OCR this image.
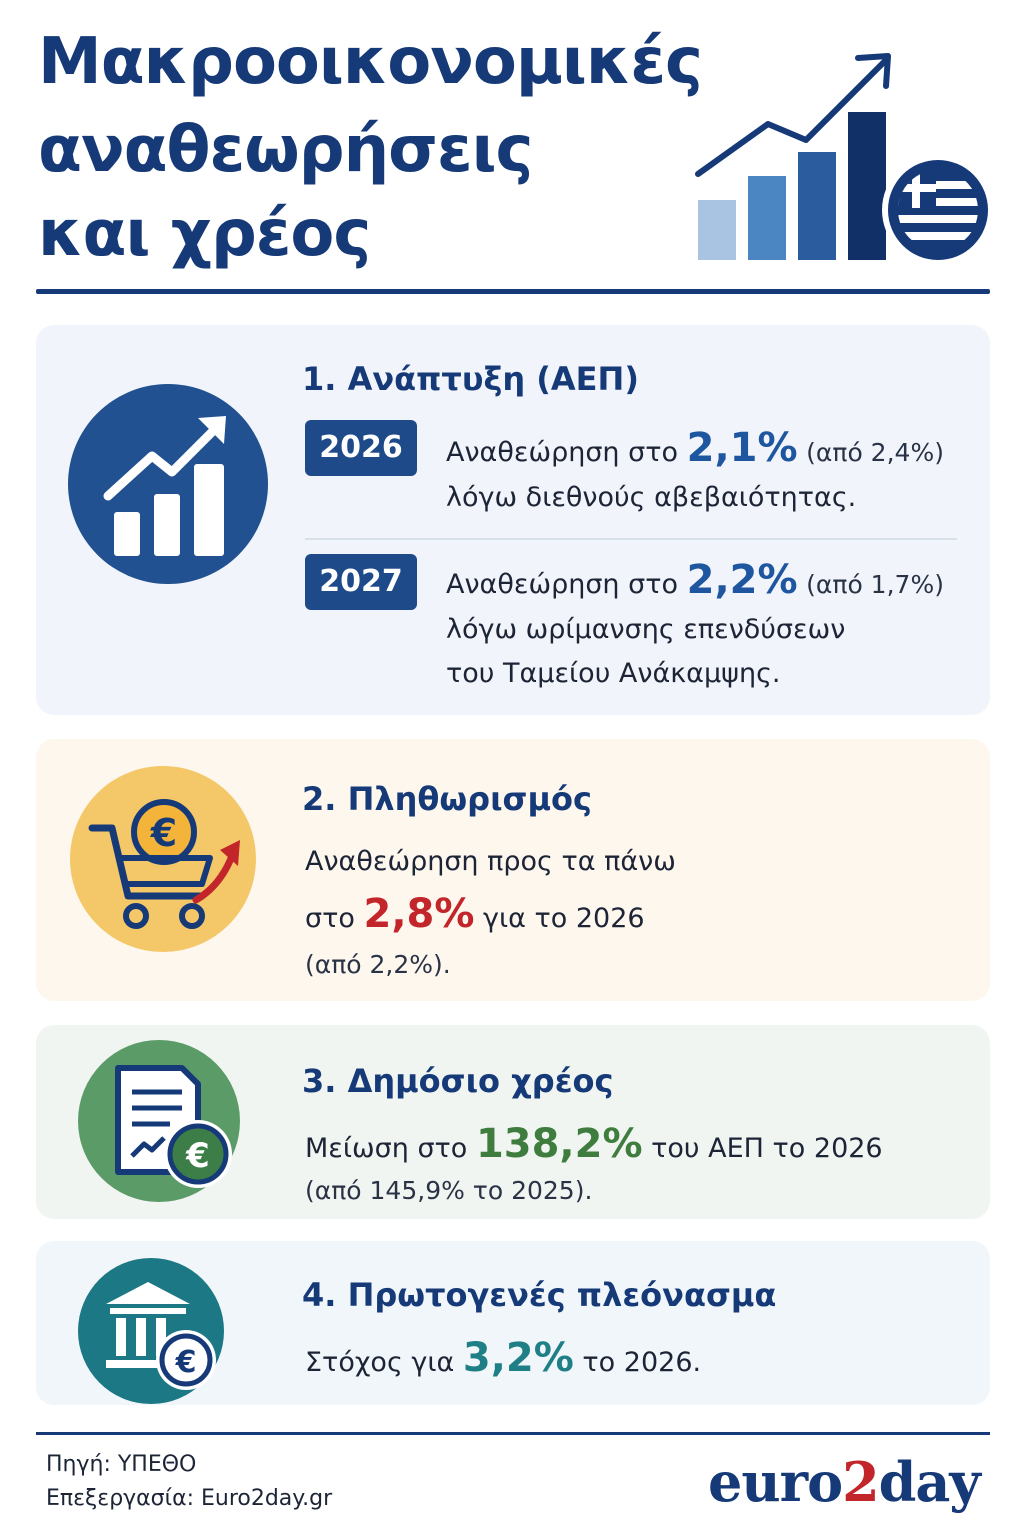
Μακροοικονομικές
αναθεωρήσεις
και χρέος
1. Ανάπτυξη (ΑΕΠ)
2026	Αναθεώρηση στο 2,1% (από 2,4%)
λόγω διεθνούς αβεβαιότητας.
2027	Αναθεώρηση στο 2,2% (από 1,7%)
λόγω ωρίμανσης επενδύσεων
του Ταμείου Ανάκαμψης.
€
2. Πληθωρισμός
Αναθεώρηση προς τα πάνω
στο 2,8% για το 2026
(από 2,2%).
€
3. Δημόσιο χρέος
Μείωση στο 138,2% του ΑΕΠ το 2026
(από 145,9% το 2025).
€
4. Πρωτογενές πλεόνασμα
Στόχος για 3,2% το 2026.
Πηγή: ΥΠΕΘΟ
Επεξεργασία: Euro2day.gr	euro2day
